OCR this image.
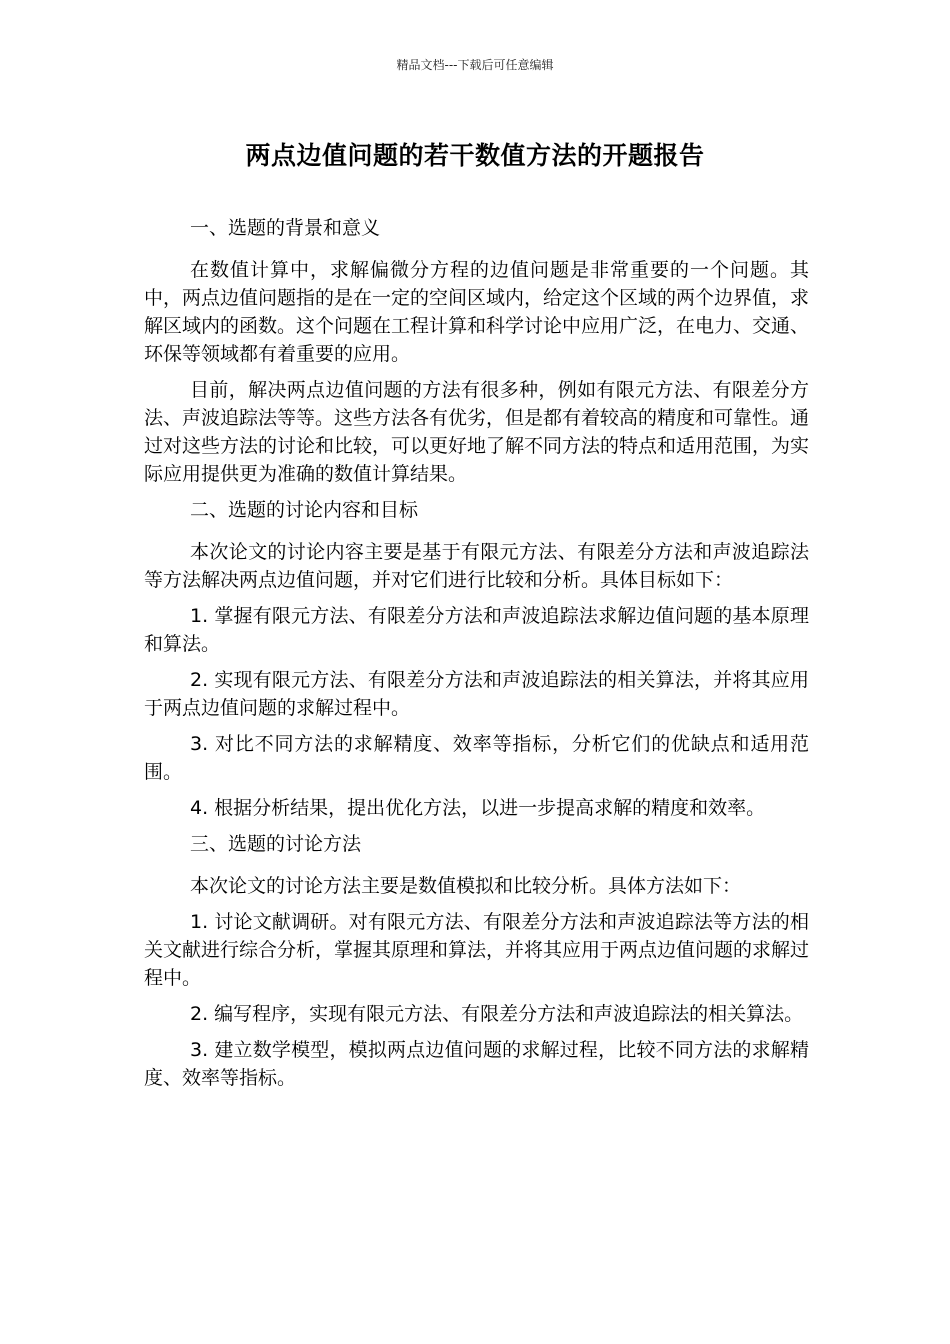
精品文档---下载后可任意编辑
两点边值问题的若干数值方法的开题报告
一、选题的背景和意义

在数值计算中，求解偏微分方程的边值问题是非常重要的一个问题。其中，两点边值问题指的是在一定的空间区域内，给定这个区域的两个边界值，求解区域内的函数。这个问题在工程计算和科学讨论中应用广泛，在电力、交通、环保等领域都有着重要的应用。

目前，解决两点边值问题的方法有很多种，例如有限元方法、有限差分方法、声波追踪法等等。这些方法各有优劣，但是都有着较高的精度和可靠性。通过对这些方法的讨论和比较，可以更好地了解不同方法的特点和适用范围，为实际应用提供更为准确的数值计算结果。

二、选题的讨论内容和目标

本次论文的讨论内容主要是基于有限元方法、有限差分方法和声波追踪法等方法解决两点边值问题，并对它们进行比较和分析。具体目标如下：

1. 掌握有限元方法、有限差分方法和声波追踪法求解边值问题的基本原理和算法。

2. 实现有限元方法、有限差分方法和声波追踪法的相关算法，并将其应用于两点边值问题的求解过程中。

3. 对比不同方法的求解精度、效率等指标，分析它们的优缺点和适用范围。

4. 根据分析结果，提出优化方法，以进一步提高求解的精度和效率。

三、选题的讨论方法

本次论文的讨论方法主要是数值模拟和比较分析。具体方法如下：

1. 讨论文献调研。对有限元方法、有限差分方法和声波追踪法等方法的相关文献进行综合分析，掌握其原理和算法，并将其应用于两点边值问题的求解过程中。

2. 编写程序，实现有限元方法、有限差分方法和声波追踪法的相关算法。

3. 建立数学模型，模拟两点边值问题的求解过程，比较不同方法的求解精度、效率等指标。
